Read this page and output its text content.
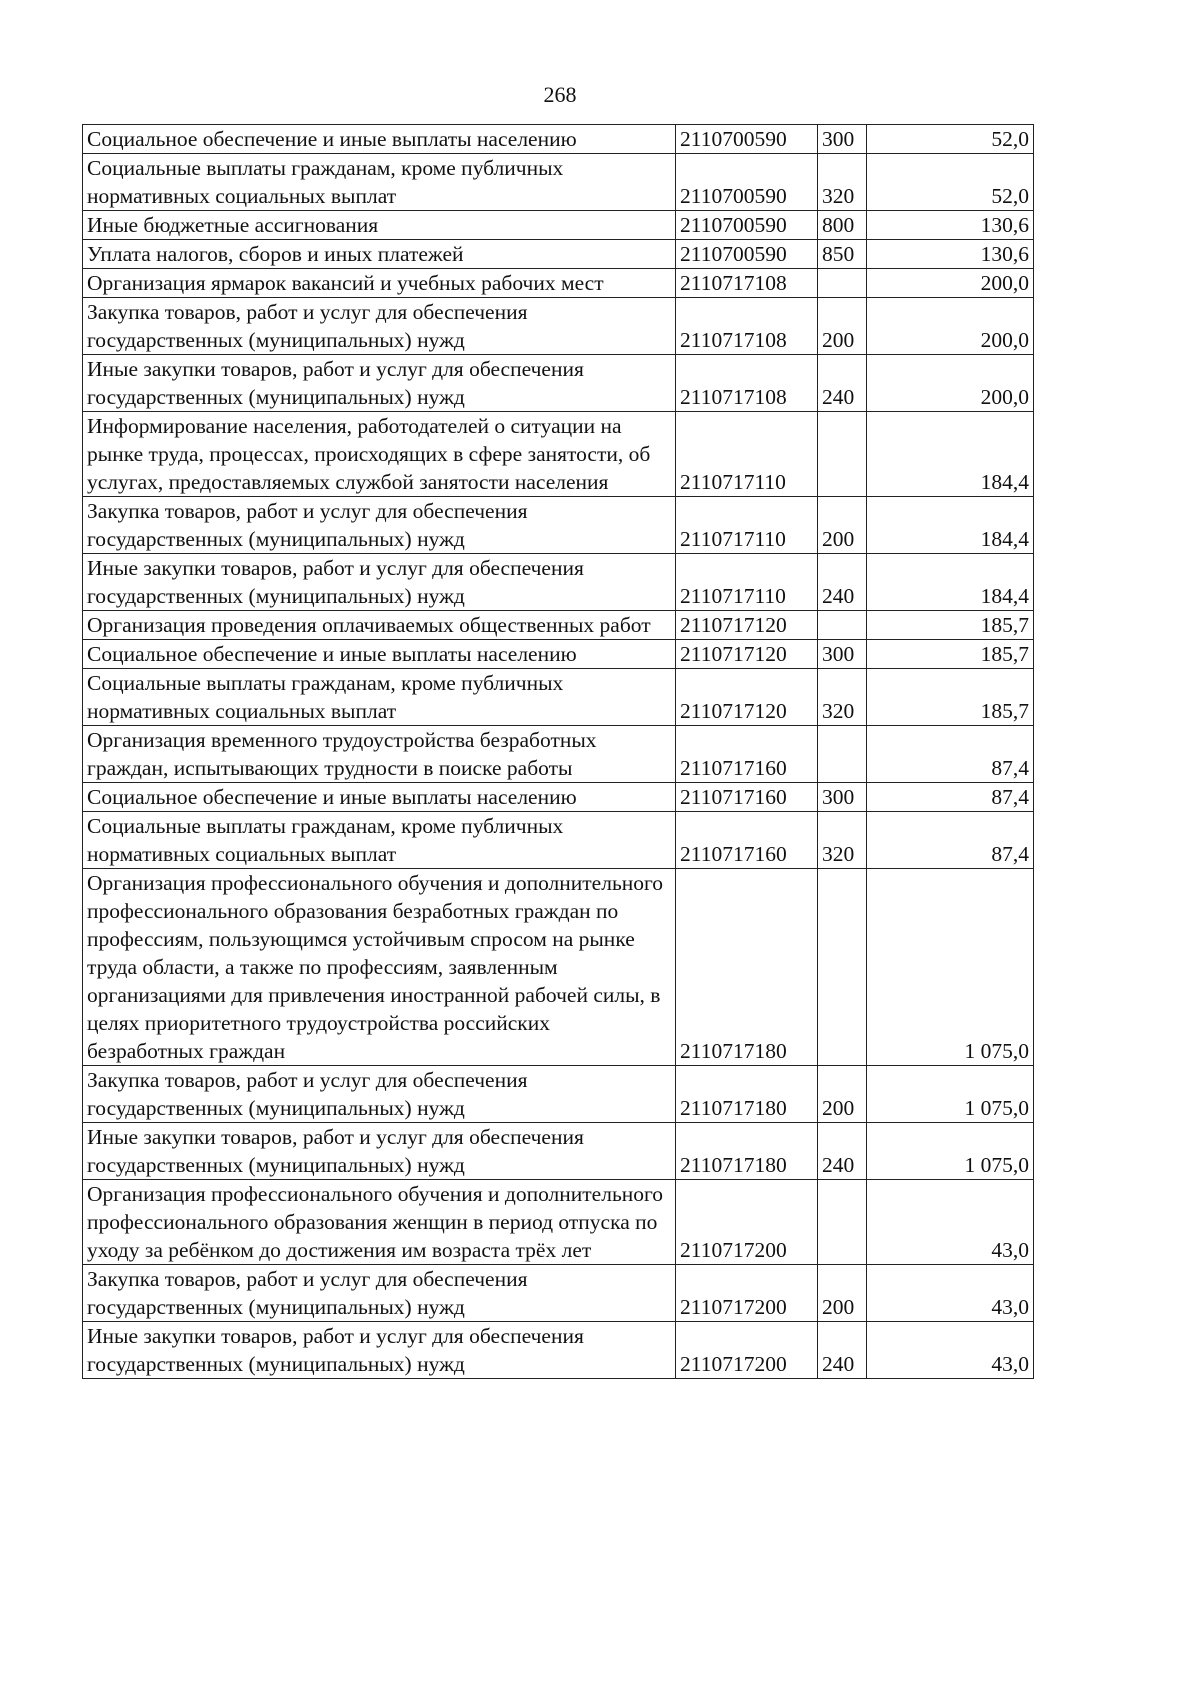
268
Социальное обеспечение и иные выплаты населению	2110700590	300	52,0
Социальные выплаты гражданам, кроме публичных нормативных социальных выплат	2110700590	320	52,0
Иные бюджетные ассигнования	2110700590	800	130,6
Уплата налогов, сборов и иных платежей	2110700590	850	130,6
Организация ярмарок вакансий и учебных рабочих мест	2110717108		200,0
Закупка товаров, работ и услуг для обеспечения государственных (муниципальных) нужд	2110717108	200	200,0
Иные закупки товаров, работ и услуг для обеспечения государственных (муниципальных) нужд	2110717108	240	200,0
Информирование населения, работодателей о ситуации на рынке труда, процессах, происходящих в сфере занятости, об услугах, предоставляемых службой занятости населения	2110717110		184,4
Закупка товаров, работ и услуг для обеспечения государственных (муниципальных) нужд	2110717110	200	184,4
Иные закупки товаров, работ и услуг для обеспечения государственных (муниципальных) нужд	2110717110	240	184,4
Организация проведения оплачиваемых общественных работ	2110717120		185,7
Социальное обеспечение и иные выплаты населению	2110717120	300	185,7
Социальные выплаты гражданам, кроме публичных нормативных социальных выплат	2110717120	320	185,7
Организация временного трудоустройства безработных граждан, испытывающих трудности в поиске работы	2110717160		87,4
Социальное обеспечение и иные выплаты населению	2110717160	300	87,4
Социальные выплаты гражданам, кроме публичных нормативных социальных выплат	2110717160	320	87,4
Организация профессионального обучения и дополнительного профессионального образования безработных граждан по профессиям, пользующимся устойчивым спросом на рынке труда области, а также по профессиям, заявленным организациями для привлечения иностранной рабочей силы, в целях приоритетного трудоустройства российских безработных граждан	2110717180		1 075,0
Закупка товаров, работ и услуг для обеспечения государственных (муниципальных) нужд	2110717180	200	1 075,0
Иные закупки товаров, работ и услуг для обеспечения государственных (муниципальных) нужд	2110717180	240	1 075,0
Организация профессионального обучения и дополнительного профессионального образования женщин в период отпуска по уходу за ребёнком до достижения им возраста трёх лет	2110717200		43,0
Закупка товаров, работ и услуг для обеспечения государственных (муниципальных) нужд	2110717200	200	43,0
Иные закупки товаров, работ и услуг для обеспечения государственных (муниципальных) нужд	2110717200	240	43,0
